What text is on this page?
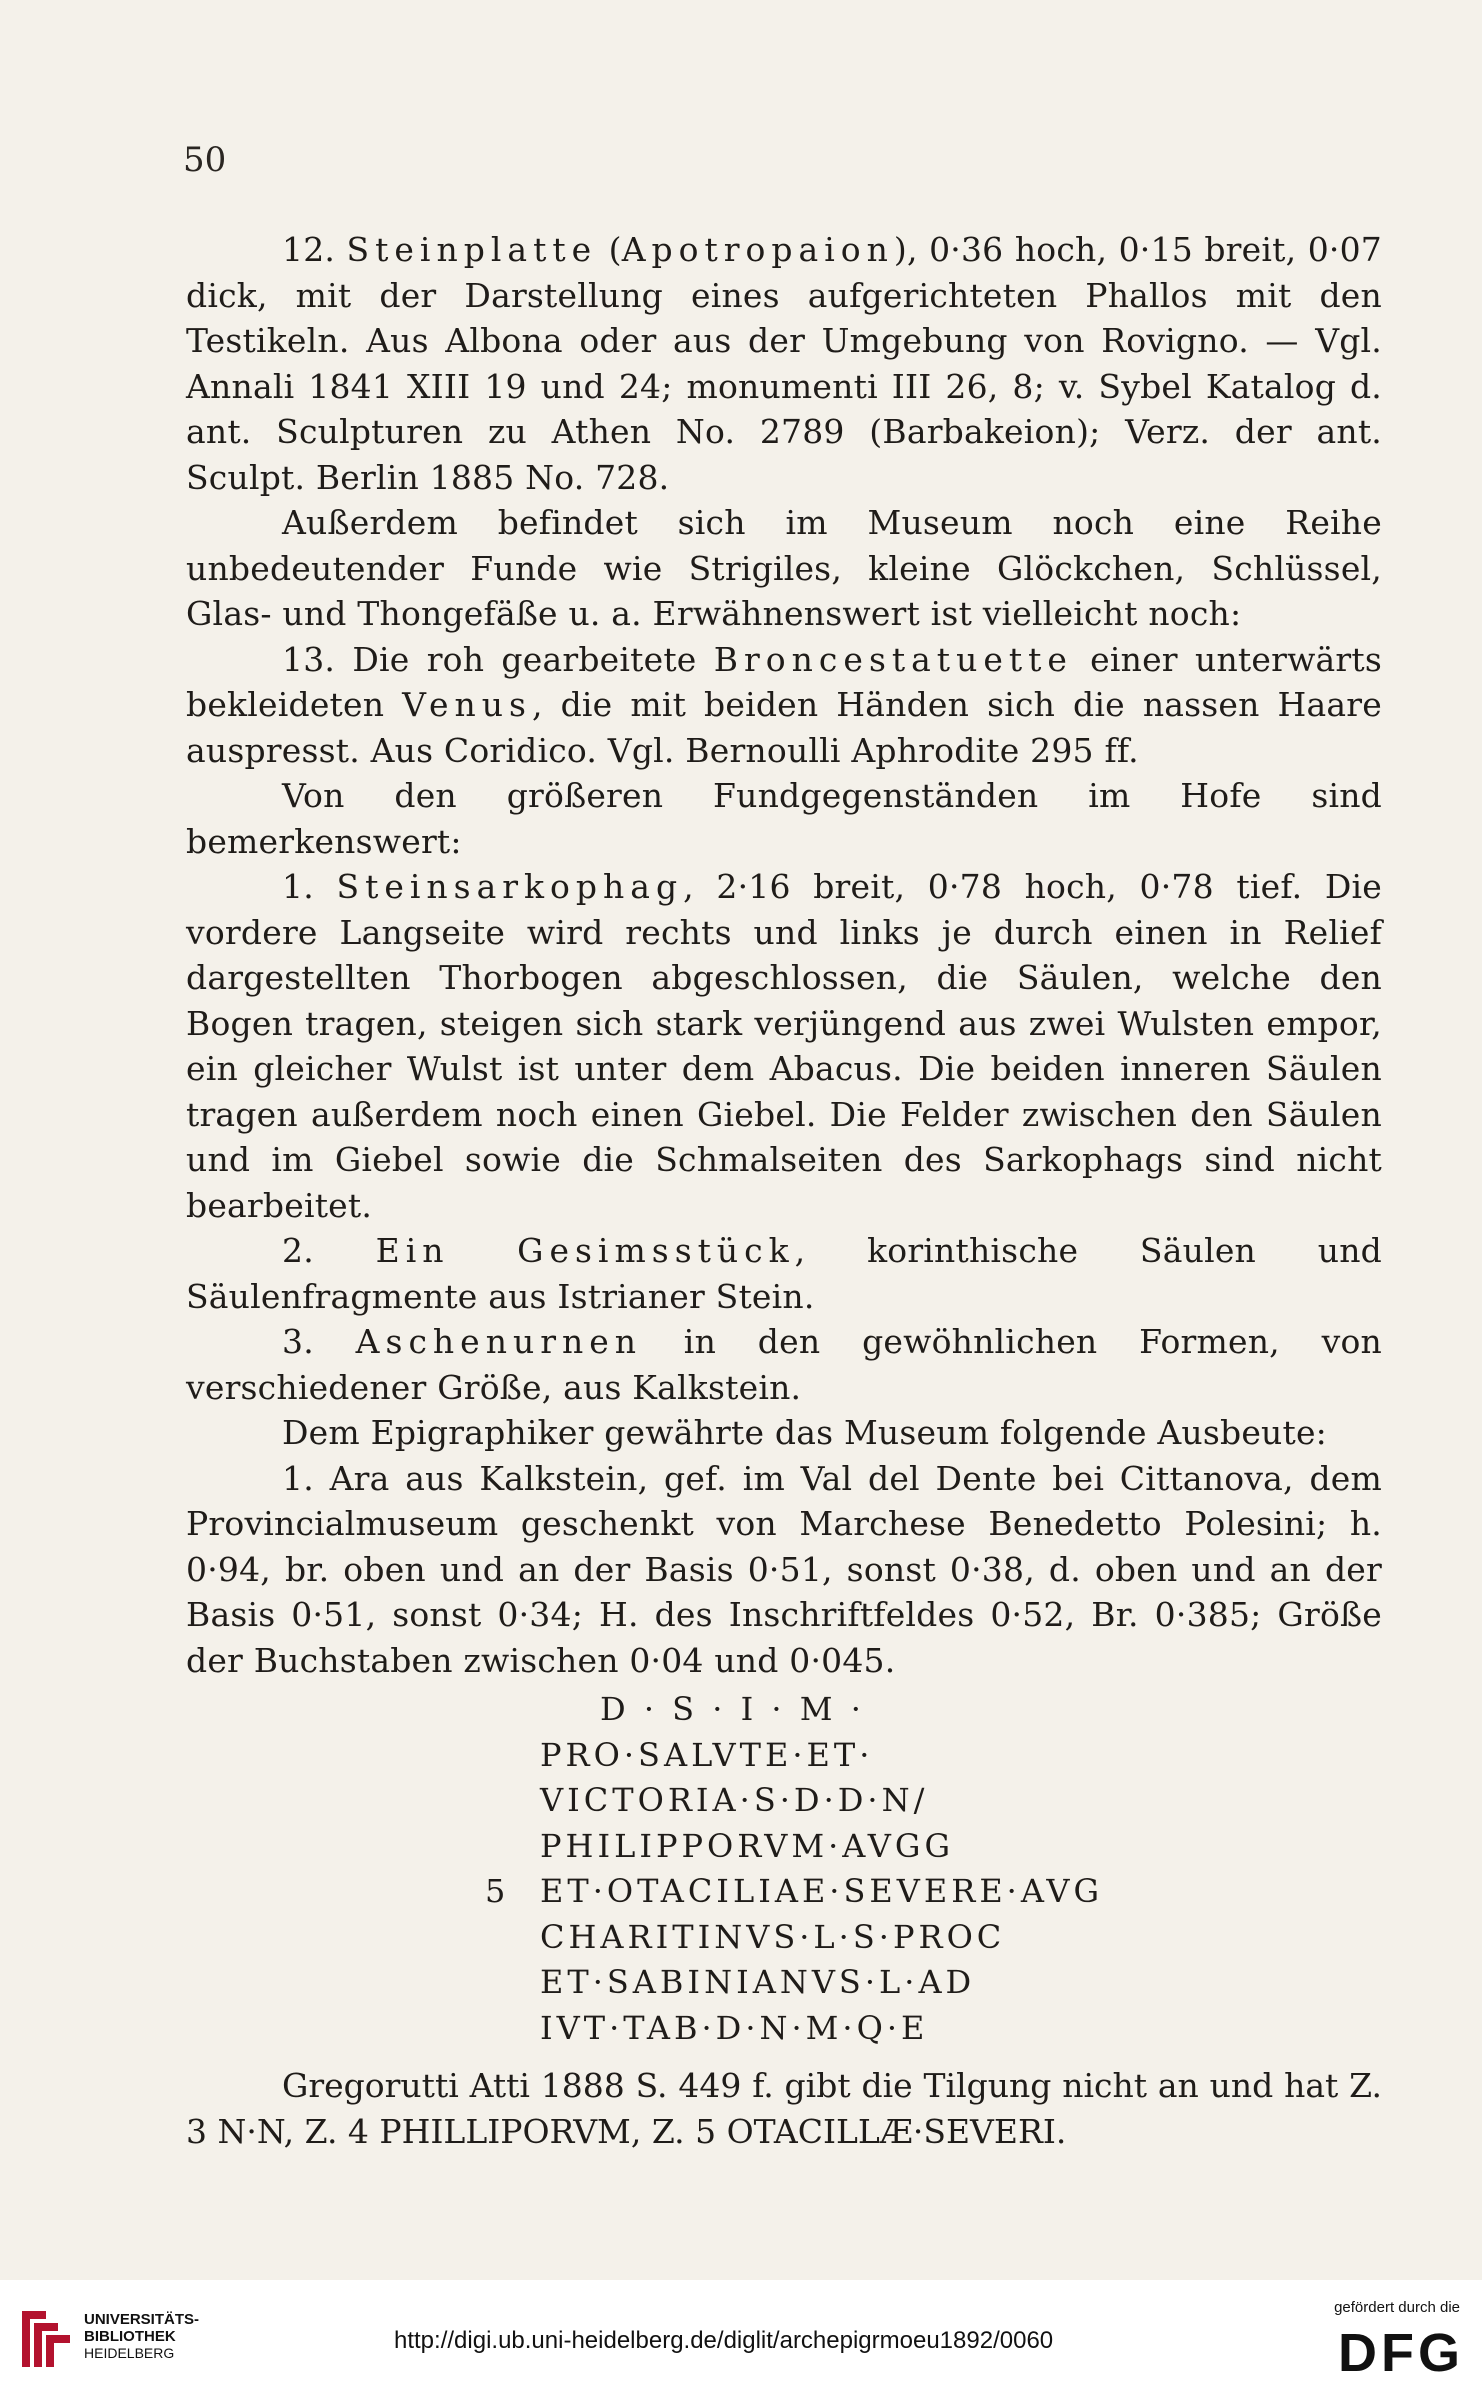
50

12. Steinplatte (Apotropaion), 0·36 hoch, 0·15 breit, 0·07 dick, mit der Darstellung eines aufgerichteten Phallos mit den Testikeln. Aus Albona oder aus der Umgebung von Rovigno. — Vgl. Annali 1841 XIII 19 und 24; monumenti III 26, 8; v. Sybel Katalog d. ant. Sculpturen zu Athen No. 2789 (Barbakeion); Verz. der ant. Sculpt. Berlin 1885 No. 728.

Außerdem befindet sich im Museum noch eine Reihe unbedeutender Funde wie Strigiles, kleine Glöckchen, Schlüssel, Glas- und Thongefäße u. a. Erwähnenswert ist vielleicht noch:

13. Die roh gearbeitete Broncestatuette einer unterwärts bekleideten Venus, die mit beiden Händen sich die nassen Haare auspresst. Aus Coridico. Vgl. Bernoulli Aphrodite 295 ff.

Von den größeren Fundgegenständen im Hofe sind bemerkenswert:

1. Steinsarkophag, 2·16 breit, 0·78 hoch, 0·78 tief. Die vordere Langseite wird rechts und links je durch einen in Relief dargestellten Thorbogen abgeschlossen, die Säulen, welche den Bogen tragen, steigen sich stark verjüngend aus zwei Wulsten empor, ein gleicher Wulst ist unter dem Abacus. Die beiden inneren Säulen tragen außerdem noch einen Giebel. Die Felder zwischen den Säulen und im Giebel sowie die Schmalseiten des Sarkophags sind nicht bearbeitet.

2. Ein Gesimsstück, korinthische Säulen und Säulenfragmente aus Istrianer Stein.

3. Aschenurnen in den gewöhnlichen Formen, von verschiedener Größe, aus Kalkstein.

Dem Epigraphiker gewährte das Museum folgende Ausbeute:

1. Ara aus Kalkstein, gef. im Val del Dente bei Cittanova, dem Provincialmuseum geschenkt von Marchese Benedetto Polesini; h. 0·94, br. oben und an der Basis 0·51, sonst 0·38, d. oben und an der Basis 0·51, sonst 0·34; H. des Inschriftfeldes 0·52, Br. 0·385; Größe der Buchstaben zwischen 0·04 und 0·045.

D · S · I · M ·
PRO·SALVTE·ET·
VICTORIA·S·D·D·N/
PHILIPPORVM·AVGG
5 ET·OTACILIAE·SEVERE·AVG
CHARITINVS·L·S·PROC
ET·SABINIANVS·L·AD
IVT·TAB·D·N·M·Q·E

Gregorutti Atti 1888 S. 449 f. gibt die Tilgung nicht an und hat Z. 3 N·N, Z. 4 PHILLIPORVM, Z. 5 OTACILLÆ·SEVERI.

UNIVERSITÄTS-
BIBLIOTHEK
HEIDELBERG	http://digi.ub.uni-heidelberg.de/diglit/archepigrmoeu1892/0060
gefördert durch die
DFG
